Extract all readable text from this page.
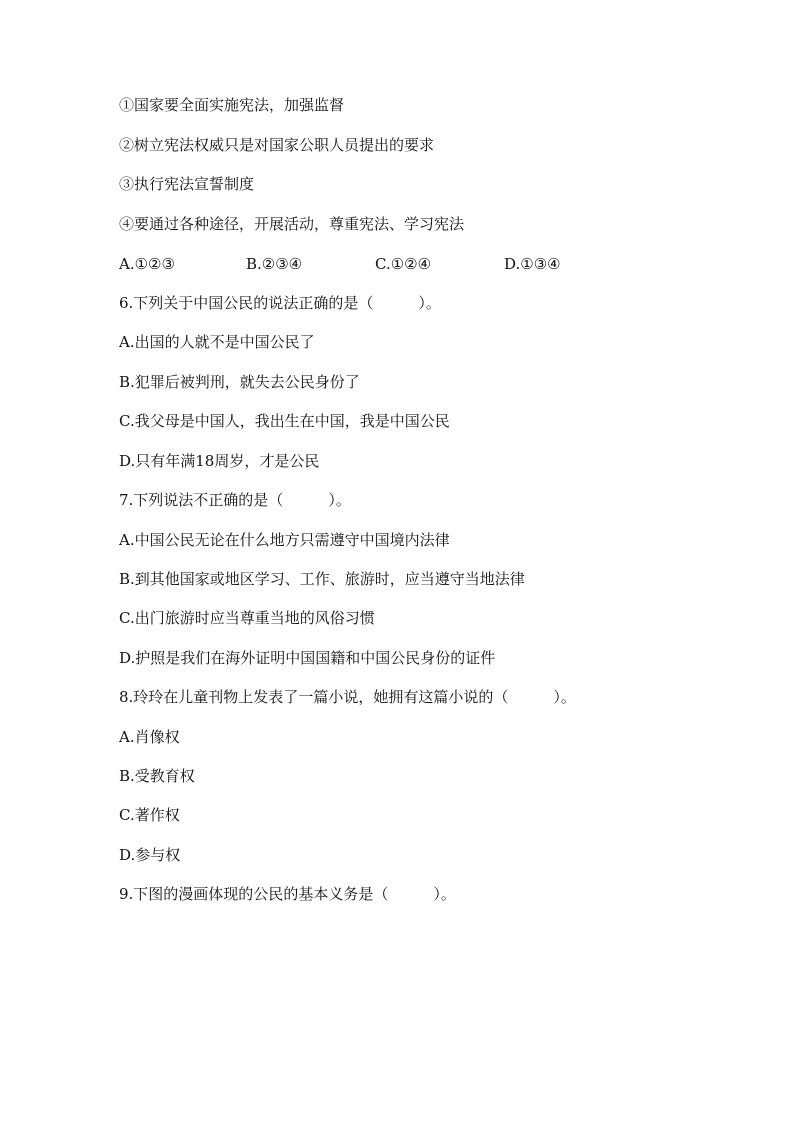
①国家要全面实施宪法，加强监督
②树立宪法权威只是对国家公职人员提出的要求
③执行宪法宣誓制度
④要通过各种途径，开展活动，尊重宪法、学习宪法
A.①②③	B.②③④	C.①②④	D.①③④
6.下列关于中国公民的说法正确的是（　　　）。
A.出国的人就不是中国公民了
B.犯罪后被判刑，就失去公民身份了
C.我父母是中国人，我出生在中国，我是中国公民
D.只有年满18周岁，才是公民
7.下列说法不正确的是（　　　）。
A.中国公民无论在什么地方只需遵守中国境内法律
B.到其他国家或地区学习、工作、旅游时，应当遵守当地法律
C.出门旅游时应当尊重当地的风俗习惯
D.护照是我们在海外证明中国国籍和中国公民身份的证件
8.玲玲在儿童刊物上发表了一篇小说，她拥有这篇小说的（　　　）。
A.肖像权
B.受教育权
C.著作权
D.参与权
9.下图的漫画体现的公民的基本义务是（　　　）。
